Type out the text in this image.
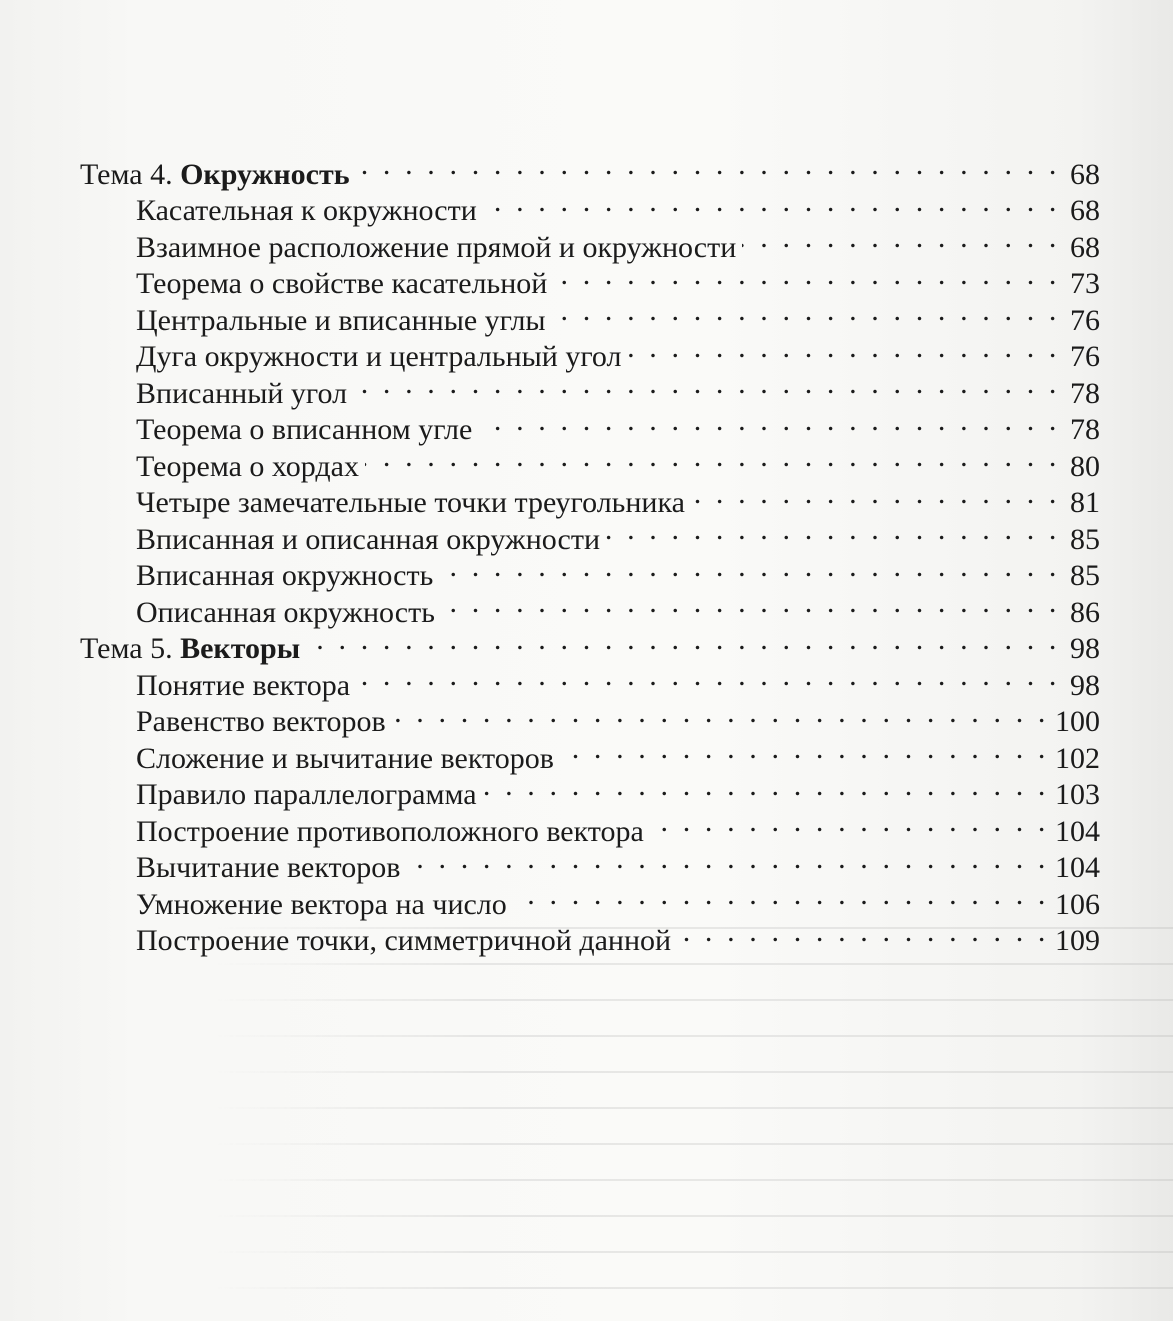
Тема 4. Окружность . . .	68
Касательная к окружности . . .	68
Взаимное расположение прямой и окружности . . .	68
Теорема о свойстве касательной . . .	73
Центральные и вписанные углы . . .	76
Дуга окружности и центральный угол . . .	76
Вписанный угол . . .	78
Теорема о вписанном угле . . .	78
Теорема о хордах . . .	80
Четыре замечательные точки треугольника . . .	81
Вписанная и описанная окружности . . .	85
Вписанная окружность . . .	85
Описанная окружность . . .	86
Тема 5. Векторы . . .	98
Понятие вектора . . .	98
Равенство векторов . . .	100
Сложение и вычитание векторов . . .	102
Правило параллелограмма . . .	103
Построение противоположного вектора . . .	104
Вычитание векторов . . .	104
Умножение вектора на число . . .	106
Построение точки, симметричной данной . . .	109
